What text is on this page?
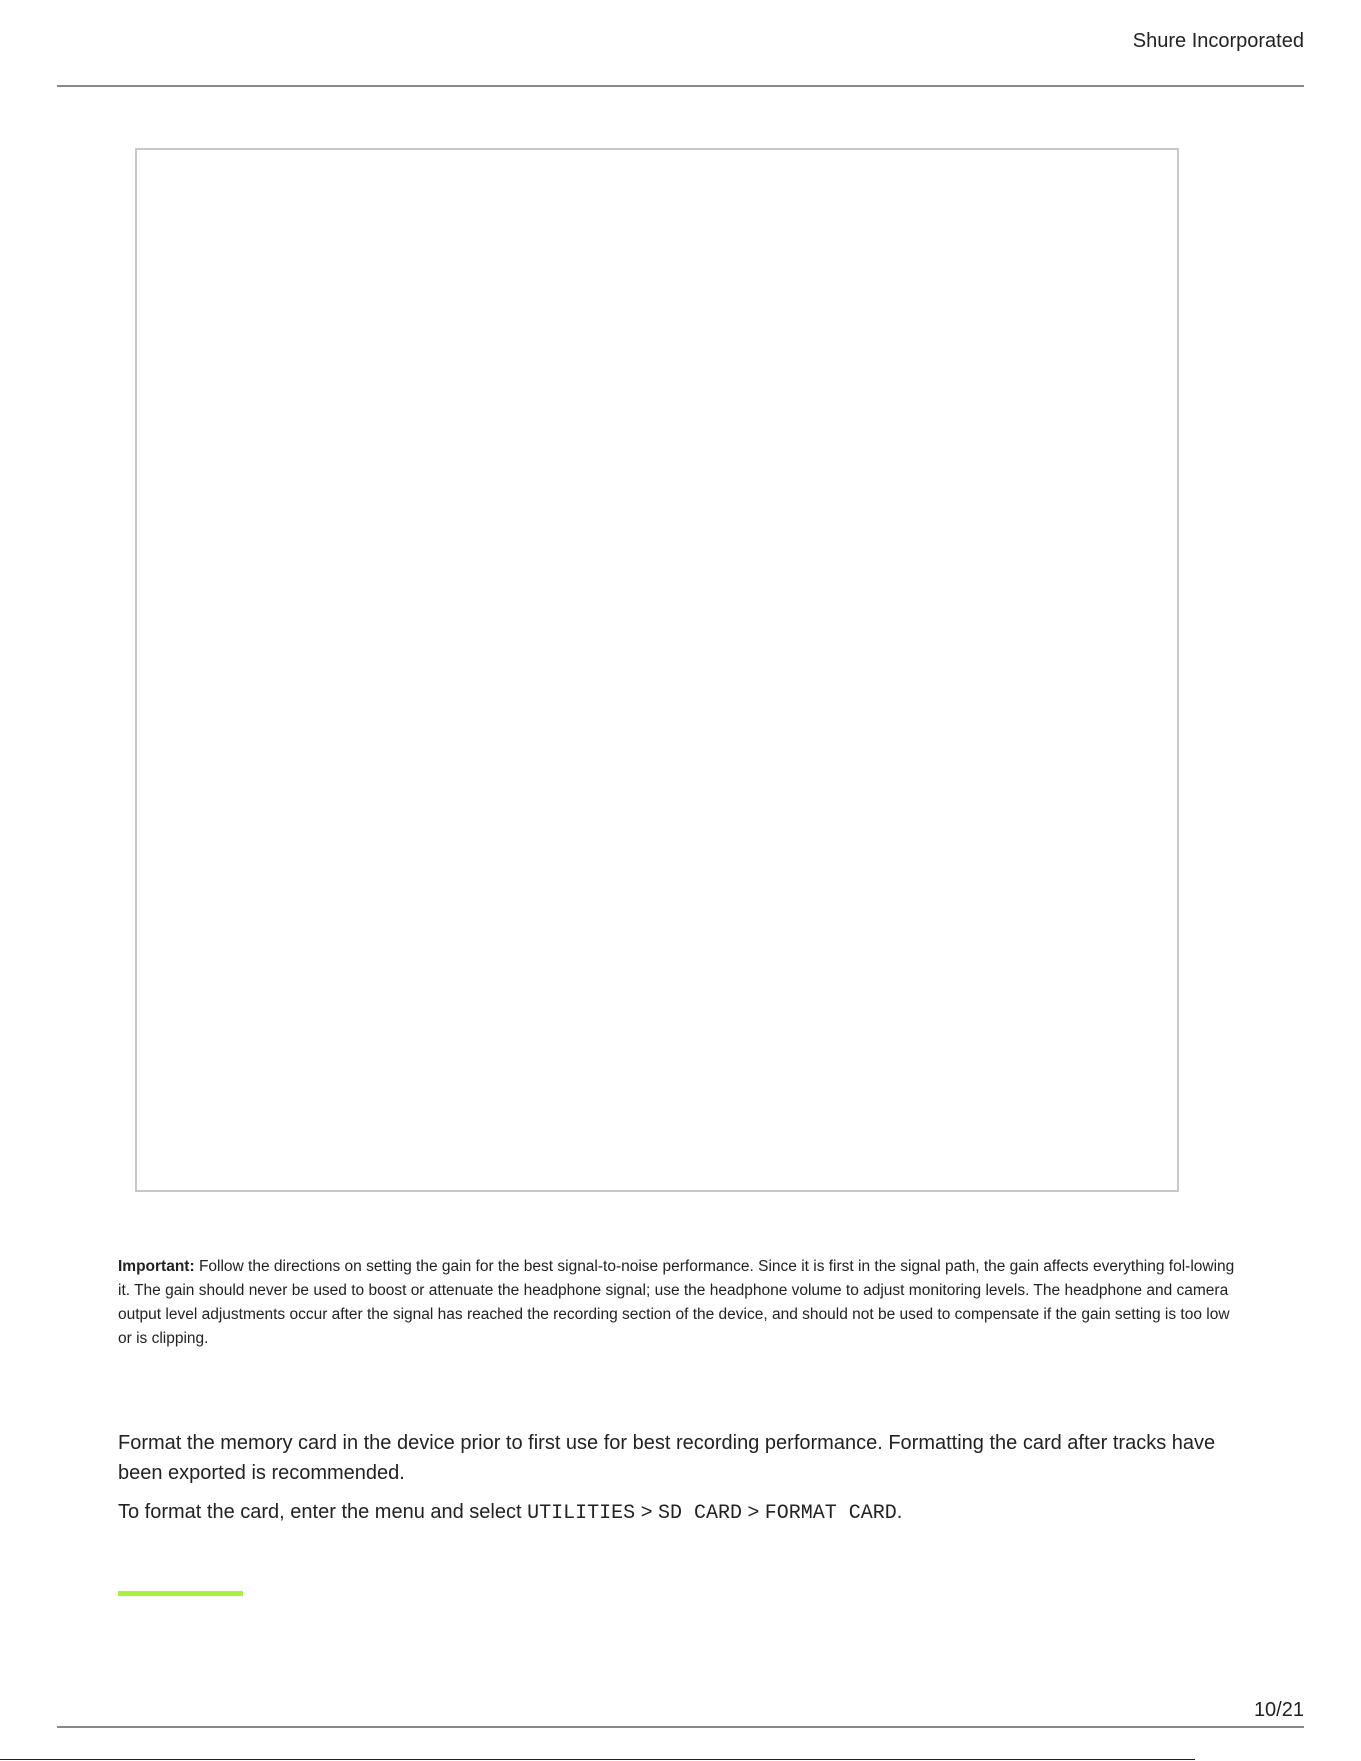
Shure Incorporated
Important: Follow the directions on setting the gain for the best signal-to-noise performance. Since it is first in the signal path, the gain affects everything fol-lowing it. The gain should never be used to boost or attenuate the headphone signal; use the headphone volume to adjust monitoring levels. The headphone and camera output level adjustments occur after the signal has reached the recording section of the device, and should not be used to compensate if the gain setting is too low or is clipping.

Format the memory card in the device prior to first use for best recording performance. Formatting the card after tracks have been exported is recommended.

To format the card, enter the menu and select UTILITIES > SD CARD > FORMAT CARD.

10/21
